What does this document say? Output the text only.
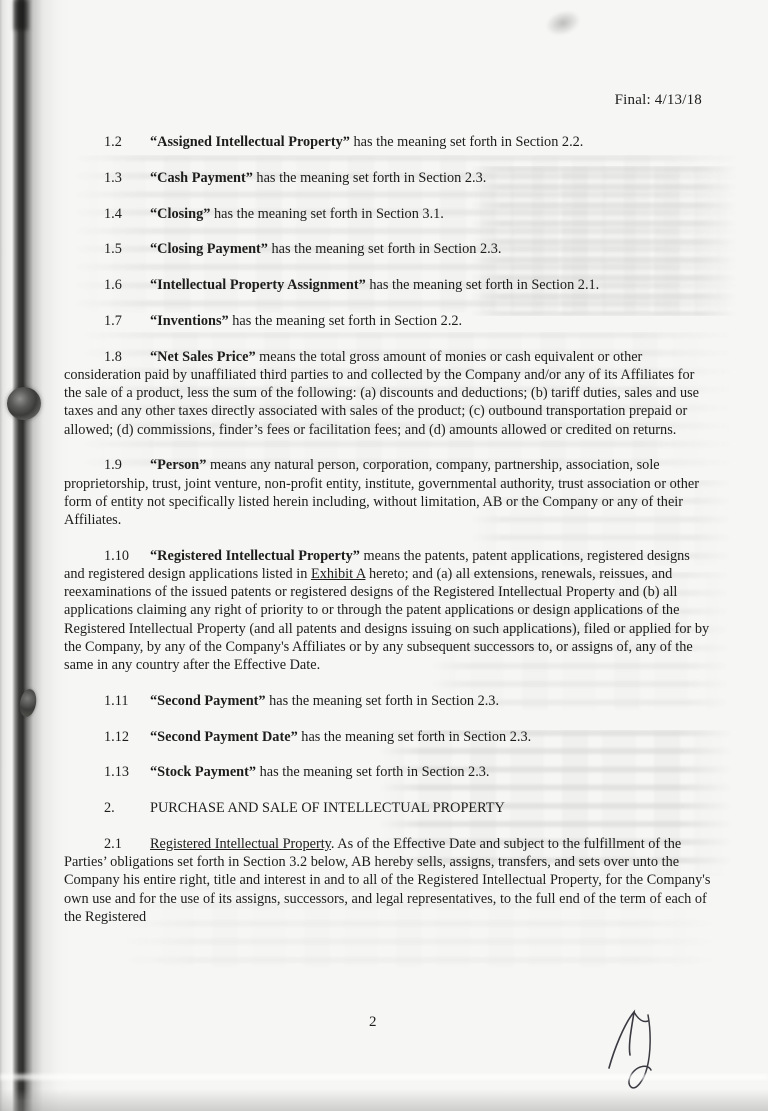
Final: 4/13/18

1.2 “Assigned Intellectual Property” has the meaning set forth in Section 2.2.

1.3 “Cash Payment” has the meaning set forth in Section 2.3.

1.4 “Closing” has the meaning set forth in Section 3.1.

1.5 “Closing Payment” has the meaning set forth in Section 2.3.

1.6 “Intellectual Property Assignment” has the meaning set forth in Section 2.1.

1.7 “Inventions” has the meaning set forth in Section 2.2.

1.8 “Net Sales Price” means the total gross amount of monies or cash equivalent or other consideration paid by unaffiliated third parties to and collected by the Company and/or any of its Affiliates for the sale of a product, less the sum of the following: (a) discounts and deductions; (b) tariff duties, sales and use taxes and any other taxes directly associated with sales of the product; (c) outbound transportation prepaid or allowed; (d) commissions, finder’s fees or facilitation fees; and (d) amounts allowed or credited on returns.

1.9 “Person” means any natural person, corporation, company, partnership, association, sole proprietorship, trust, joint venture, non-profit entity, institute, governmental authority, trust association or other form of entity not specifically listed herein including, without limitation, AB or the Company or any of their Affiliates.

1.10 “Registered Intellectual Property” means the patents, patent applications, registered designs and registered design applications listed in Exhibit A hereto; and (a) all extensions, renewals, reissues, and reexaminations of the issued patents or registered designs of the Registered Intellectual Property and (b) all applications claiming any right of priority to or through the patent applications or design applications of the Registered Intellectual Property (and all patents and designs issuing on such applications), filed or applied for by the Company, by any of the Company's Affiliates or by any subsequent successors to, or assigns of, any of the same in any country after the Effective Date.

1.11 “Second Payment” has the meaning set forth in Section 2.3.

1.12 “Second Payment Date” has the meaning set forth in Section 2.3.

1.13 “Stock Payment” has the meaning set forth in Section 2.3.

2. PURCHASE AND SALE OF INTELLECTUAL PROPERTY

2.1 Registered Intellectual Property. As of the Effective Date and subject to the fulfillment of the Parties’ obligations set forth in Section 3.2 below, AB hereby sells, assigns, transfers, and sets over unto the Company his entire right, title and interest in and to all of the Registered Intellectual Property, for the Company's own use and for the use of its assigns, successors, and legal representatives, to the full end of the term of each of the Registered

2
